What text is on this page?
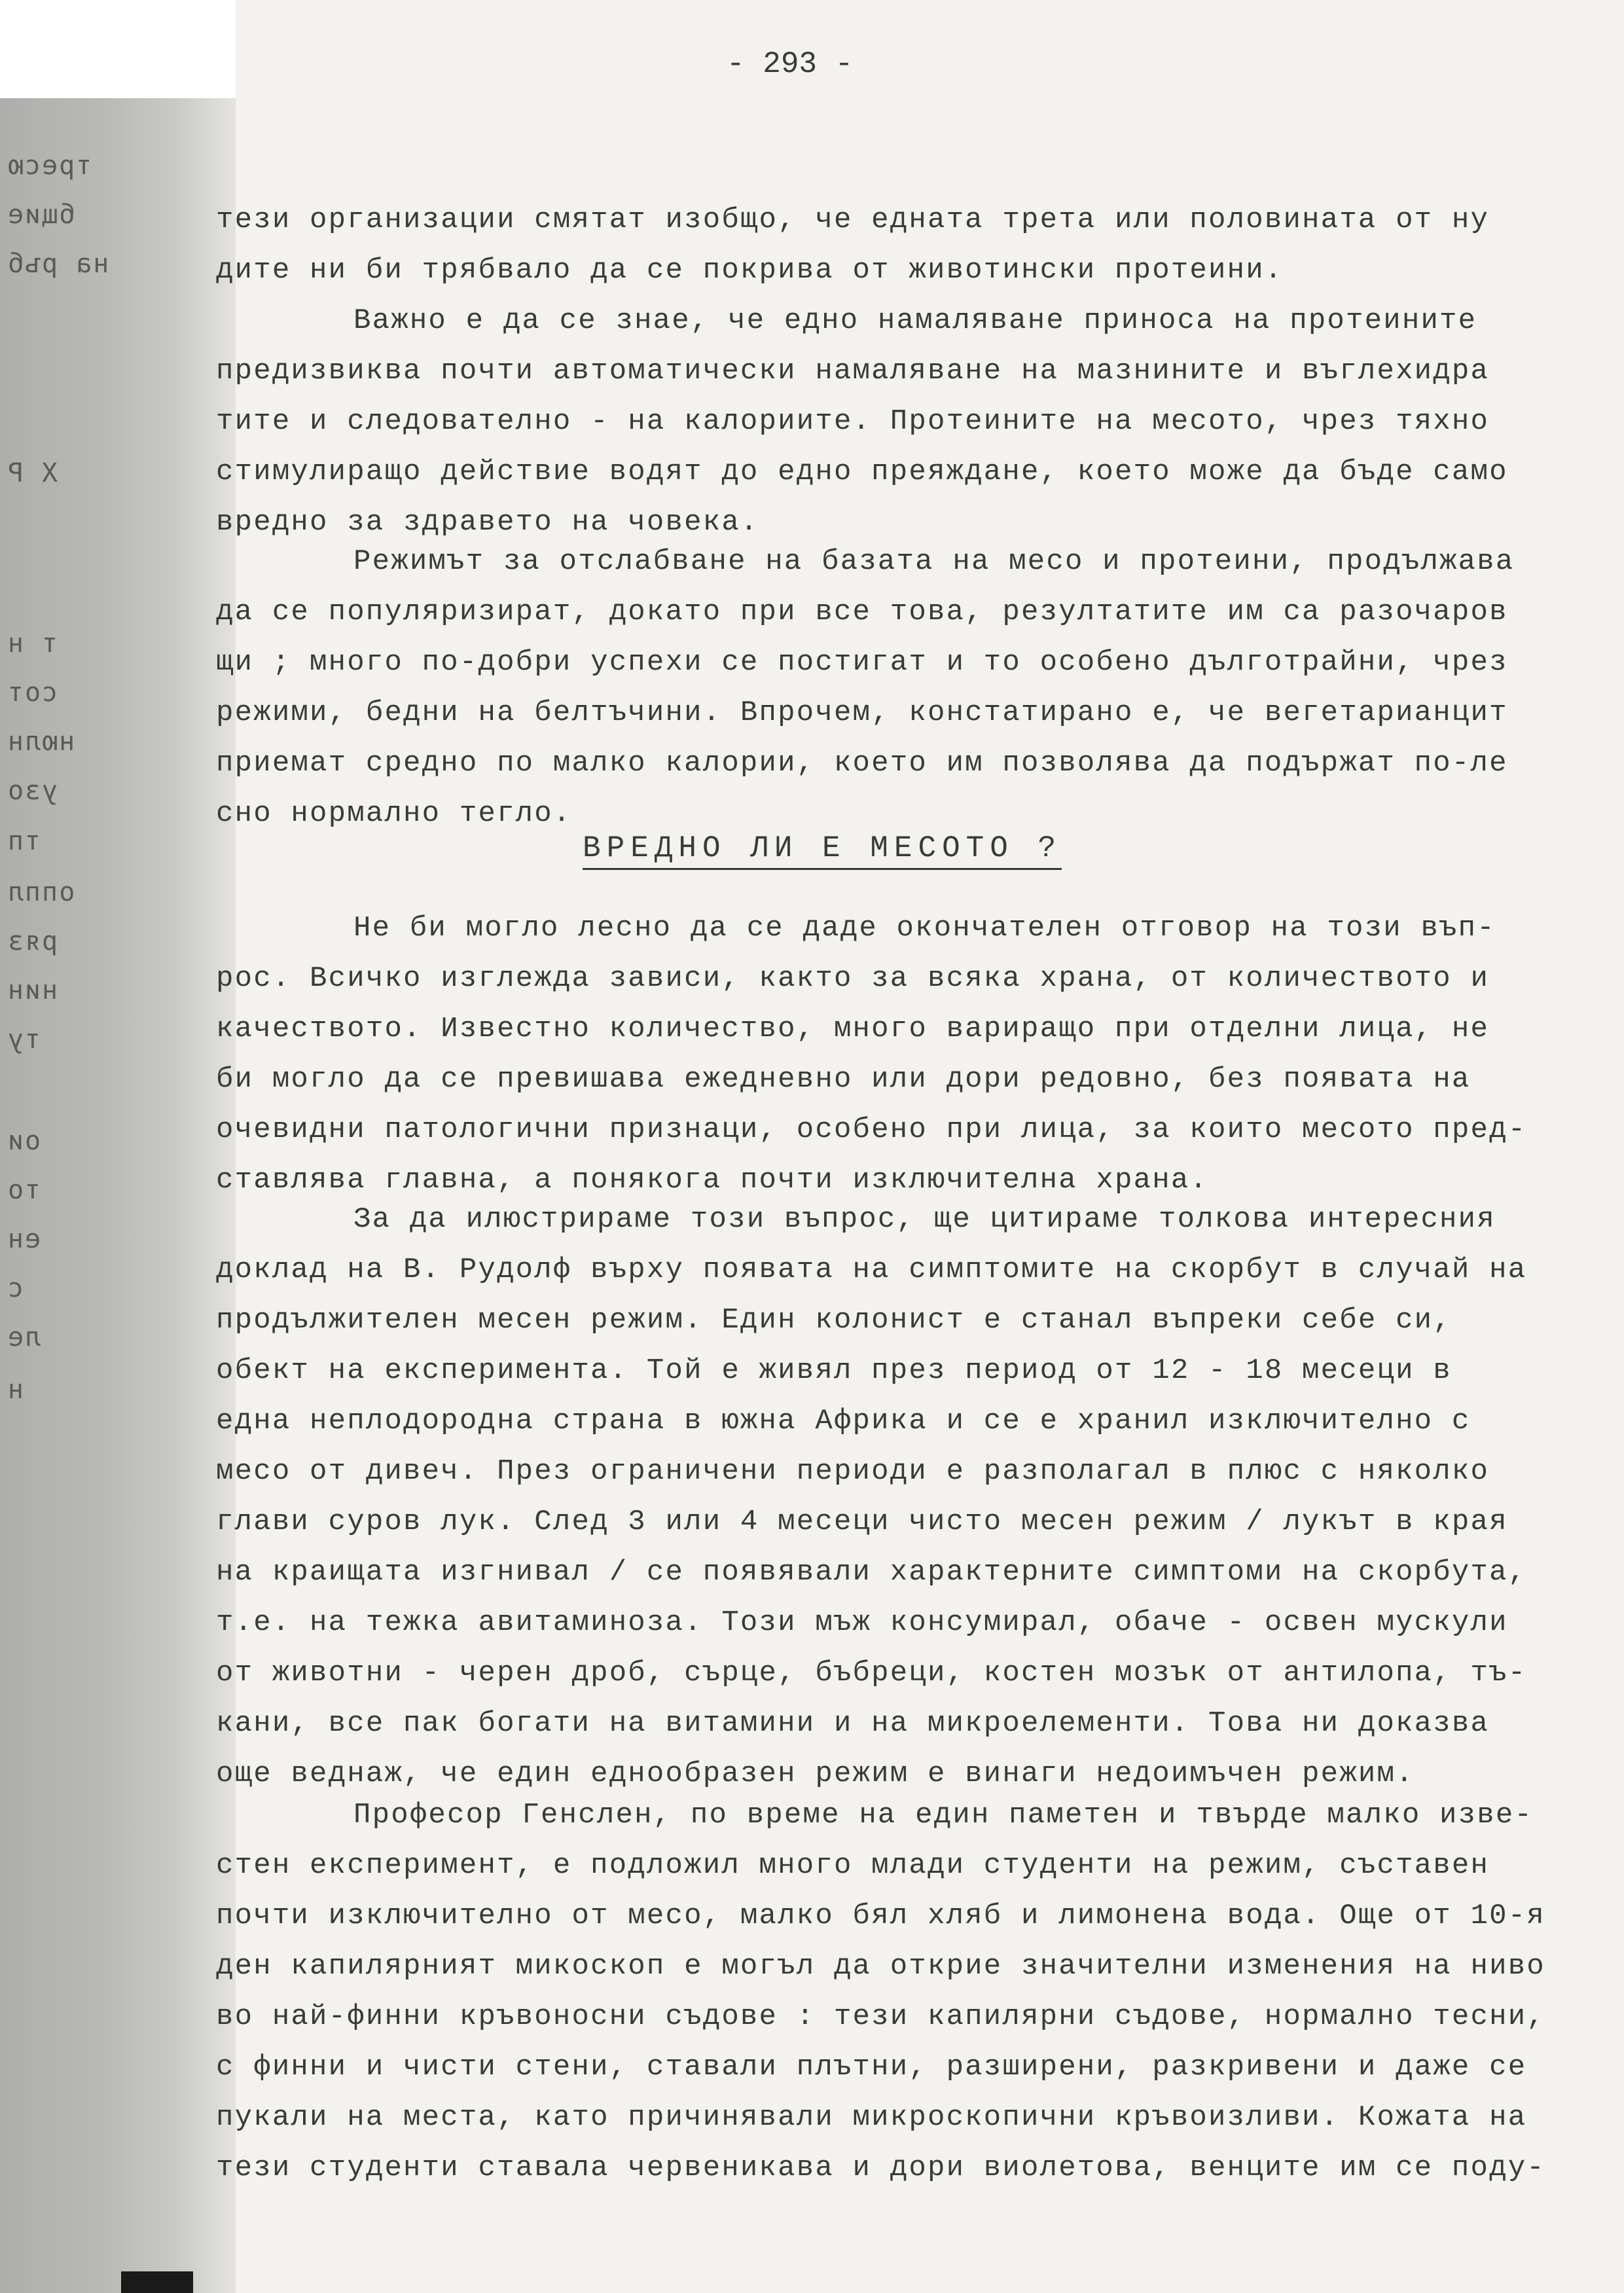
тресю
бщие
на ръб
Х Р
т н
сот
нюлн
узо
тп
оппл
ряз
нин
ту
ои
то
ен
с
ле
н
- 293 -
тези организации смятат изобщо, че едната трета или половината от ну
дите ни би трябвало да се покрива от животински протеини.
Важно е да се знае, че едно намаляване приноса на протеините
предизвиква почти автоматически намаляване на мазнините и въглехидра
тите и следователно - на калориите. Протеините на месото, чрез тяхно
стимулиращо действие водят до едно преяждане, което може да бъде само
вредно за здравето на човека.
Режимът за отслабване на базата на месо и протеини, продължава
да се популяризират, докато при все това, резултатите им са разочаров
щи ; много по-добри успехи се постигат и то особено дълготрайни, чрез
режими, бедни на белтъчини. Впрочем, констатирано е, че вегетарианцит
приемат средно по малко калории, което им позволява да подържат по-ле
сно нормално тегло.
ВРЕДНО ЛИ Е МЕСОТО ?
Не би могло лесно да се даде окончателен отговор на този въп-
рос. Всичко изглежда зависи, както за всяка храна, от количеството и
качеството. Известно количество, много вариращо при отделни лица, не
би могло да се превишава ежедневно или дори редовно, без появата на
очевидни патологични признаци, особено при лица, за които месото пред-
ставлява главна, а понякога почти изключителна храна.
За да илюстрираме този въпрос, ще цитираме толкова интересния
доклад на В. Рудолф върху появата на симптомите на скорбут в случай на
продължителен месен режим. Един колонист е станал въпреки себе си,
обект на експеримента. Той е живял през период от 12 - 18 месеци в
една неплодородна страна в южна Африка и се е хранил изключително с
месо от дивеч. През ограничени периоди е разполагал в плюс с няколко
глави суров лук. След 3 или 4 месеци чисто месен режим / лукът в края
на краищата изгнивал / се появявали характерните симптоми на скорбута,
т.е. на тежка авитаминоза. Този мъж консумирал, обаче - освен мускули
от животни - черен дроб, сърце, бъбреци, костен мозък от антилопа, тъ-
кани, все пак богати на витамини и на микроелементи. Това ни доказва
още веднаж, че един еднообразен режим е винаги недоимъчен режим.
Професор Генслен, по време на един паметен и твърде малко изве-
стен експеримент, е подложил много млади студенти на режим, съставен
почти изключително от месо, малко бял хляб и лимонена вода. Още от 10-я
ден капилярният микоскоп е могъл да открие значителни изменения на ниво
во най-финни кръвоносни съдове : тези капилярни съдове, нормално тесни,
с финни и чисти стени, ставали плътни, разширени, разкривени и даже се
пукали на места, като причинявали микроскопични кръвоизливи. Кожата на
тези студенти ставала червеникава и дори виолетова, венците им се поду-
